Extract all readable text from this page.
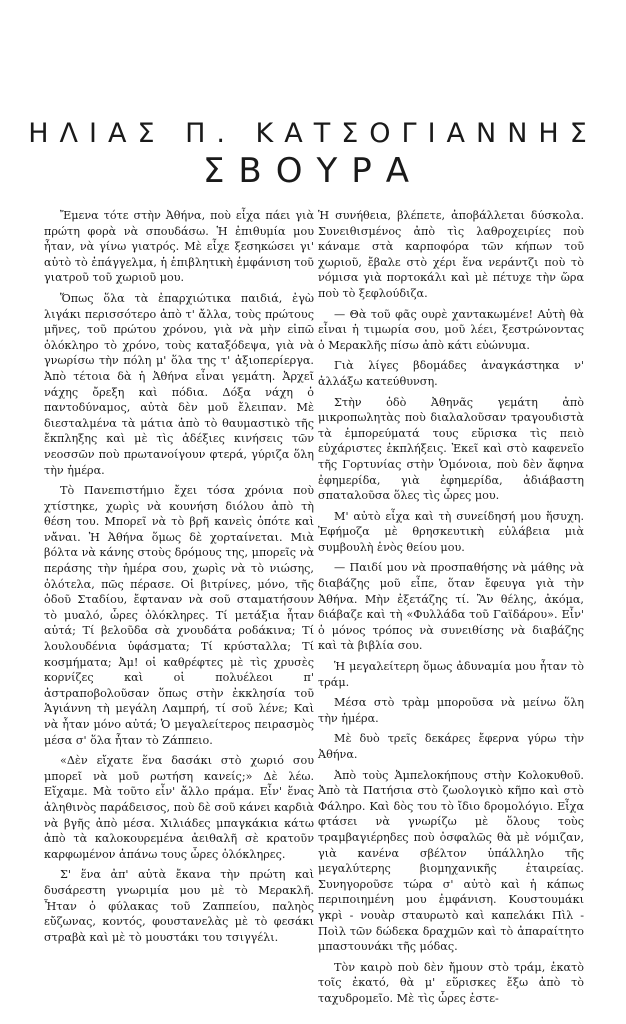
ΗΛΙΑΣ Π. ΚΑΤΣΟΓΙΑΝΝΗΣ
ΣΒΟΥΡΑ

Ἔμενα τότε στὴν Ἀθήνα, ποὺ εἶχα πάει γιὰ πρώτη φορὰ νὰ σπουδάσω. Ἡ ἐπιθυμία μου ἦταν, νὰ γίνω γιατρός. Μὲ εἶχε ξεσηκώσει γι' αὐτὸ τὸ ἐπάγγελμα, ἡ ἐπιβλητικὴ ἐμφάνιση τοῦ γιατροῦ τοῦ χωριοῦ μου.

Ὅπως ὅλα τὰ ἐπαρχιώτικα παιδιά, ἐγὼ λιγάκι περισσότερο ἀπὸ τ' ἄλλα, τοὺς πρώτους μῆνες, τοῦ πρώτου χρόνου, γιὰ νὰ μὴν εἰπῶ ὁλόκληρο τὸ χρόνο, τοὺς καταξόδεψα, γιὰ νὰ γνωρίσω τὴν πόλη μ' ὅλα της τ' ἀξιοπερίεργα. Ἀπὸ τέτοια δὰ ἡ Ἀθήνα εἶναι γεμάτη. Ἀρχεῖ νάχης ὄρεξη καὶ πόδια. Δόξα νάχη ὁ παντοδύναμος, αὐτὰ δὲν μοῦ ἔλειπαν. Μὲ διεσταλμένα τὰ μάτια ἀπὸ τὸ θαυμαστικὸ τῆς ἔκπληξης καὶ μὲ τὶς ἀδέξιες κινήσεις τῶν νεοσσῶν ποὺ πρωτανοίγουν φτερά, γύριζα ὅλη τὴν ἡμέρα.

Τὸ Πανεπιστήμιο ἔχει τόσα χρόνια ποὺ χτίστηκε, χωρὶς νὰ κουνήση διόλου ἀπὸ τὴ θέση του. Μπορεῖ νὰ τὸ βρῆ κανεὶς ὁπότε καὶ νἄναι. Ἡ Ἀθήνα ὅμως δὲ χορταίνεται. Μιὰ βόλτα νὰ κάνης στοὺς δρόμους της, μπορεῖς νὰ περάσης τὴν ἡμέρα σου, χωρὶς νὰ τὸ νιώσης, ὁλότελα, πῶς πέρασε. Οἱ βιτρίνες, μόνο, τῆς ὁδοῦ Σταδίου, ἔφταναν νὰ σοῦ σταματήσουν τὸ μυαλό, ὧρες ὁλόκληρες. Τί μετάξια ἦταν αὐτά; Τί βελοῦδα σὰ χνουδάτα ροδάκινα; Τί λουλουδένια ὑφάσματα; Τί κρύσταλλα; Τί κοσμήματα; Ἀμ! οἱ καθρέφτες μὲ τὶς χρυσὲς κορνίζες καὶ οἱ πολυέλεοι π' ἀστραποβολοῦσαν ὅπως στὴν ἐκκλησία τοῦ Ἁγιάννη τὴ μεγάλη Λαμπρή, τί σοῦ λένε; Καὶ νὰ ἦταν μόνο αὐτά; Ὁ μεγαλείτερος πειρασμὸς μέσα σ' ὅλα ἦταν τὸ Ζάππειο.

«Δὲν εἴχατε ἕνα δασάκι στὸ χωριό σου μπορεῖ νὰ μοῦ ρωτήση κανείς;» Δὲ λέω. Εἴχαμε. Μὰ τοῦτο εἶν' ἄλλο πράμα. Εἶν' ἕνας ἀληθινὸς παράδεισος, ποὺ δὲ σοῦ κάνει καρδιὰ νὰ βγῆς ἀπὸ μέσα. Χιλιάδες μπαγκάκια κάτω ἀπὸ τὰ καλοκουρεμένα ἀειθαλῆ σὲ κρατοῦν καρφωμένον ἀπάνω τους ὧρες ὁλόκληρες.

Σ' ἕνα ἀπ' αὐτὰ ἔκανα τὴν πρώτη καὶ δυσάρεστη γνωριμία μου μὲ τὸ Μερακλῆ. Ἦταν ὁ φύλακας τοῦ Ζαππείου, παληὸς εὔζωνας, κοντός, φουστανελὰς μὲ τὸ φεσάκι στραβὰ καὶ μὲ τὸ μουστάκι του τσιγγέλι.

Ἡ συνήθεια, βλέπετε, ἀποβάλλεται δύσκολα. Συνειθισμένος ἀπὸ τὶς λαθροχειρίες ποὺ κάναμε στὰ καρποφόρα τῶν κήπων τοῦ χωριοῦ, ἔβαλε στὸ χέρι ἕνα νεράντζι ποὺ τὸ νόμισα γιὰ πορτοκάλι καὶ μὲ πέτυχε τὴν ὥρα ποὺ τὸ ξεφλούδιζα.

— Θὰ τοῦ φᾶς ουρὲ χαντακωμένε! Αὐτὴ θὰ εἶναι ἡ τιμωρία σου, μοῦ λέει, ξεστρώνοντας ὁ Μερακλῆς πίσω ἀπὸ κάτι εὐώνυμα.

Γιὰ λίγες βδομάδες ἀναγκάστηκα ν' ἀλλάξω κατεύθυνση.

Στὴν ὁδὸ Ἀθηνᾶς γεμάτη ἀπὸ μικροπωλητὰς ποὺ διαλαλοῦσαν τραγουδιστὰ τὰ ἐμπορεύματά τους εὕρισκα τὶς πειὸ εὐχάριστες ἐκπλήξεις. Ἐκεῖ καὶ στὸ καφενεῖο τῆς Γορτυνίας στὴν Ὁμόνοια, ποὺ δὲν ἄφηνα ἐφημερίδα, γιὰ ἐφημερίδα, ἀδιάβαστη σπαταλοῦσα ὅλες τὶς ὧρες μου.

Μ' αὐτὸ εἶχα καὶ τὴ συνείδησή μου ἥσυχη. Ἐφήμοζα μὲ θρησκευτικὴ εὐλάβεια μιὰ συμβουλὴ ἑνὸς θείου μου.

— Παιδί μου νὰ προσπαθήσης νὰ μάθης νὰ διαβάζης μοῦ εἶπε, ὅταν ἔφευγα γιὰ τὴν Ἀθήνα. Μὴν ἐξετάζης τί. Ἂν θέλης, ἀκόμα, διάβαζε καὶ τὴ «Φυλλάδα τοῦ Γαϊδάρου». Εἶν' ὁ μόνος τρόπος νὰ συνειθίσης νὰ διαβάζης καὶ τὰ βιβλία σου.

Ἡ μεγαλείτερη ὅμως ἀδυναμία μου ἦταν τὸ τράμ.

Μέσα στὸ τρὰμ μποροῦσα νὰ μείνω ὅλη τὴν ἡμέρα.

Μὲ δυὸ τρεῖς δεκάρες ἔφερνα γύρω τὴν Ἀθήνα.

Ἀπὸ τοὺς Ἀμπελοκήπους στὴν Κολοκυθοῦ. Ἀπὸ τὰ Πατήσια στὸ ζωολογικὸ κῆπο καὶ στὸ Φάληρο. Καὶ δὸς του τὸ ἴδιο δρομολόγιο. Εἶχα φτάσει νὰ γνωρίζω μὲ ὅλους τοὺς τραμβαγιέρηδες ποὺ ὀσφαλῶς θὰ μὲ νόμιζαν, γιὰ κανένα σβέλτον ὑπάλληλο τῆς μεγαλύτερης βιομηχανικῆς ἑταιρείας. Συνηγοροῦσε τώρα σ' αὐτὸ καὶ ἡ κάπως περιποιημένη μου ἐμφάνιση. Κουστουμάκι γκρὶ - νουὰρ σταυρωτὸ καὶ καπελάκι Πὶλ - Ποὶλ τῶν δώδεκα δραχμῶν καὶ τὸ ἀπαραίτητο μπαστουνάκι τῆς μόδας.

Τὸν καιρὸ ποὺ δὲν ἤμουν στὸ τράμ, ἐκατὸ τοῖς ἐκατό, θὰ μ' εὕρισκες ἔξω ἀπὸ τὸ ταχυδρομεῖο. Μὲ τὶς ὧρες ἐστε-
